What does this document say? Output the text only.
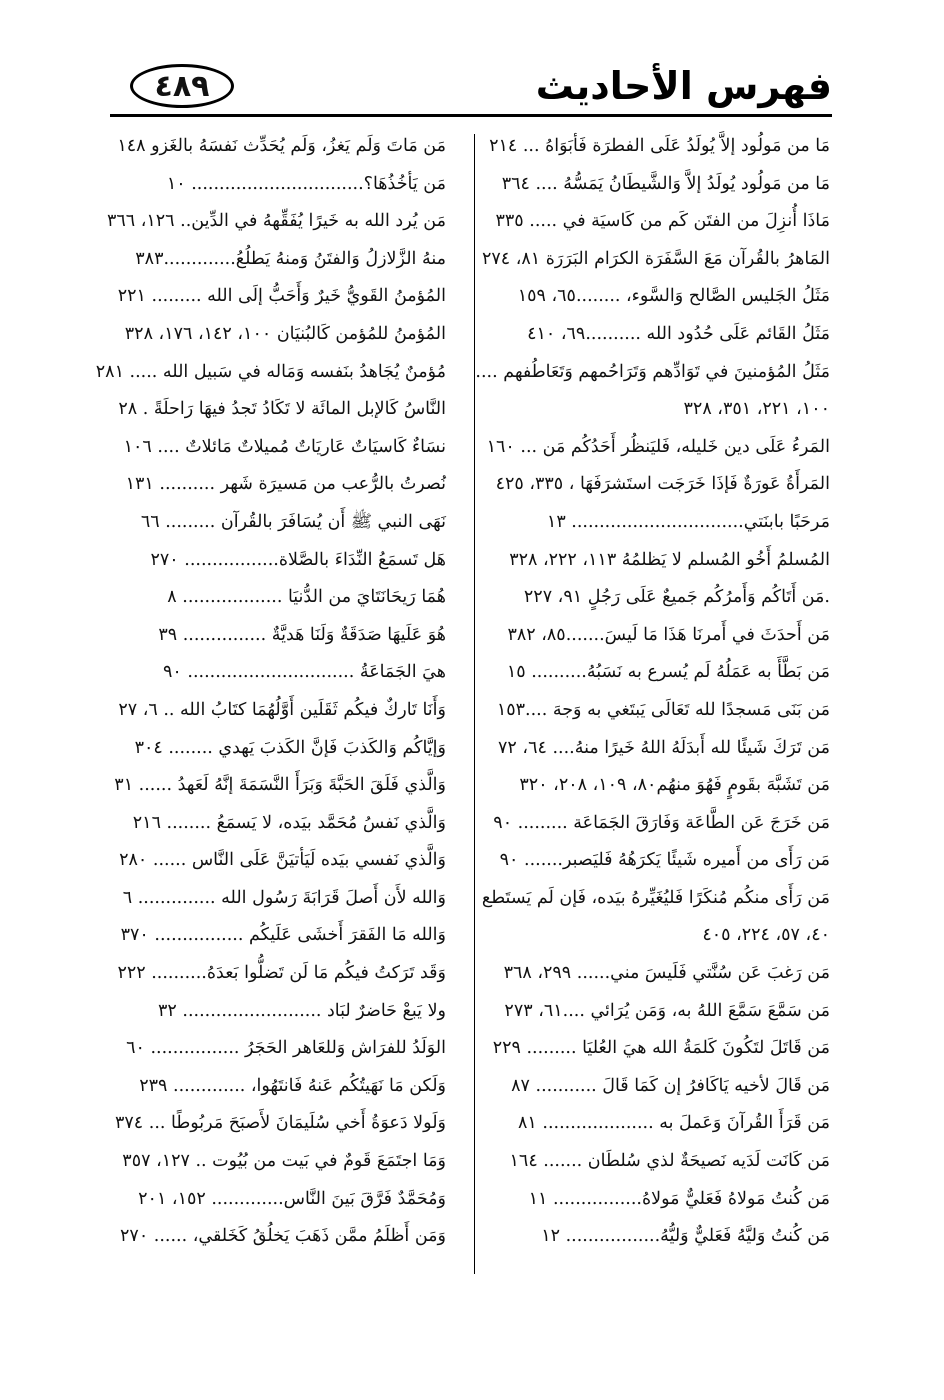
فهرس الأحاديث
٤٨٩
مَا من مَولُود إلاَّ يُولَدُ عَلَى الفطرَة فَأبَوَاهُ ... ٢١٤
مَا من مَولُود يُولَدُ إلاَّ وَالشَّيطَانُ يَمَسُّهُ .... ٣٦٤
مَاذَا أُنزِلَ من الفتَن كَم من كَاسيَة في ..... ٣٣٥
المَاهرُ بالقُرآن مَعَ السَّفَرَة الكرَام البَرَرَة ٨١، ٢٧٤
مَثَلُ الجَليس الصَّالح وَالسَّوء، ........٦٥، ١٥٩
مَثَلُ القَائم عَلَى حُدُود الله ..........٦٩، ٤١٠
مَثَلُ المُؤمنينَ في تَوَادِّهم وَتَرَاحُمهم وَتَعَاطُفهم ....
١٠٠، ٢٢١، ٣٥١، ٣٢٨
المَرءُ عَلَى دين خَليله، فَليَنظُر أَحَدُكُم مَن ... ١٦٠
المَرأَةُ عَورَةٌ فَإذَا خَرَجَت استَشرَفَهَا ، ٣٣٥، ٤٢٥
مَرحَبًا بابنَتي............................... ١٣
المُسلمُ أَخُو المُسلم لا يَظلمُهُ ١١٣، ٢٢٢، ٣٢٨
.مَن أَتَاكُم وَأَمرُكُم جَميعٌ عَلَى رَجُلٍ ٩١، ٢٢٧
مَن أَحدَثَ في أَمرنَا هَذَا مَا لَيسَ.......٨٥، ٣٨٢
مَن بَطَّأَ به عَمَلُهُ لَم يُسرع به نَسَبُهُ.......... ١٥
مَن بَنَى مَسجدًا لله تَعَالَى يَبتَغي به وَجهَ ....١٥٣
مَن تَرَكَ شَيئًا لله أَبدَلَهُ اللهُ خَيرًا منهُ.... ٦٤، ٧٢
مَن تَشَبَّهَ بقَومٍ فَهُوَ منهُم٨٠، ١٠٩، ٢٠٨، ٣٢٠
مَن خَرَجَ عَن الطَّاعَة وَفَارَقَ الجَمَاعَة ......... ٩٠
مَن رَأَى من أَميره شَيئًا يَكرَهُهُ فَليَصبر....... ٩٠
مَن رَأَى منكُم مُنكَرًا فَليُغَيِّرهُ بيَده، فَإن لَم يَستَطع
٤٠، ٥٧، ٢٢٤، ٤٠٥
مَن رَغبَ عَن سُنَّتي فَلَيسَ مني...... ٢٩٩، ٣٦٨
مَن سَمَّعَ سَمَّعَ اللهُ به، وَمَن يُرَائي ....٦١، ٢٧٣
مَن قَاتَلَ لتَكُونَ كَلمَةُ الله هيَ العُليَا ......... ٢٢٩
مَن قَالَ لأخيه يَاكَافرُ إن كَمَا قَالَ ........... ٨٧
مَن قَرَأَ القُرآنَ وَعَملَ به .................... ٨١
مَن كَانَت لَدَيه نَصيحَةٌ لذي سُلطَان ....... ١٦٤
مَن كُنتُ مَولاهُ فَعَليٌّ مَولاهُ................ ١١
مَن كُنتُ وَليَّهُ فَعَليٌّ وَليُّهُ................. ١٢
مَن مَاتَ وَلَم يَغزُ، وَلَم يُحَدِّث نَفسَهُ بالغَزو ١٤٨
مَن يَأخُذُهَا؟............................... ١٠
مَن يُرد الله به خَيرًا يُفَقِّههُ في الدِّين.. ١٢٦، ٣٦٦
منهُ الزَّلازلُ وَالفتَنُ وَمنهُ يَطلُعُ.............٣٨٣
المُؤمنُ القَويُّ خَيرٌ وَأَحَبُّ إلَى الله ......... ٢٢١
المُؤمنُ للمُؤمن كَالبُنيَان ١٠٠، ١٤٢، ١٧٦، ٣٢٨
مُؤمنٌ يُجَاهدُ بنَفسه وَمَاله في سَبيل الله ..... ٢٨١
النَّاسُ كَالإبل المائَة لا تَكَادُ تَجدُ فيهَا رَاحلَةً . ٢٨
نسَاءٌ كَاسيَاتٌ عَاريَاتٌ مُميلاتٌ مَائلاتٌ .... ١٠٦
نُصرتُ بالرُّعب من مَسيرَة شَهر .......... ١٣١
نَهَى النبي ﷺ أَن يُسَافَرَ بالقُرآن ......... ٦٦
هَل تَسمَعُ النِّدَاءَ بالصَّلاة................. ٢٧٠
هُمَا رَيحَانَتَايَ من الدُّنيَا .................. ٨
هُوَ عَلَيهَا صَدَقَةٌ وَلَنَا هَديَّةٌ ............... ٣٩
هيَ الجَمَاعَةُ .............................. ٩٠
وَأَنَا تَاركٌ فيكُم ثَقَلَين أَوَّلُهُمَا كتَابُ الله .. ٦، ٢٧
وَإيَّاكُم وَالكَذبَ فَإنَّ الكَذبَ يَهدي ........ ٣٠٤
وَالَّذي فَلَقَ الحَبَّةَ وَبَرَأَ النَّسَمَةَ إنَّهُ لَعَهدُ ...... ٣١
وَالَّذي نَفسُ مُحَمَّد بيَده، لا يَسمَعُ ........ ٢١٦
وَالَّذي نَفسي بيَده لَيَأتيَنَّ عَلَى النَّاس ...... ٢٨٠
وَالله لأَن أَصلَ قَرَابَةَ رَسُول الله .............. ٦
وَالله مَا الفَقرَ أَخشَى عَلَيكُم ................ ٣٧٠
وَقَد تَرَكتُ فيكُم مَا لَن تَضلُّوا بَعدَهُ.......... ٢٢٢
ولا يَبعْ حَاضرٌ لبَاد ......................... ٣٢
الوَلَدُ للفرَاش وَللعَاهر الحَجَرُ ................ ٦٠
وَلَكن مَا نَهَيتُكُم عَنهُ فَانتَهُوا، ............. ٢٣٩
وَلَولا دَعوَةُ أَخي سُلَيمَانَ لأَصبَحَ مَربُوطًا ... ٣٧٤
وَمَا اجتَمَعَ قَومٌ في بَيت من بُيُوت .. ١٢٧، ٣٥٧
وَمُحَمَّدٌ فَرَّقَ بَينَ النَّاس............. ١٥٢، ٢٠١
وَمَن أَظلَمُ ممَّن ذَهَبَ يَخلُقُ كَخَلقي، ...... ٢٧٠
